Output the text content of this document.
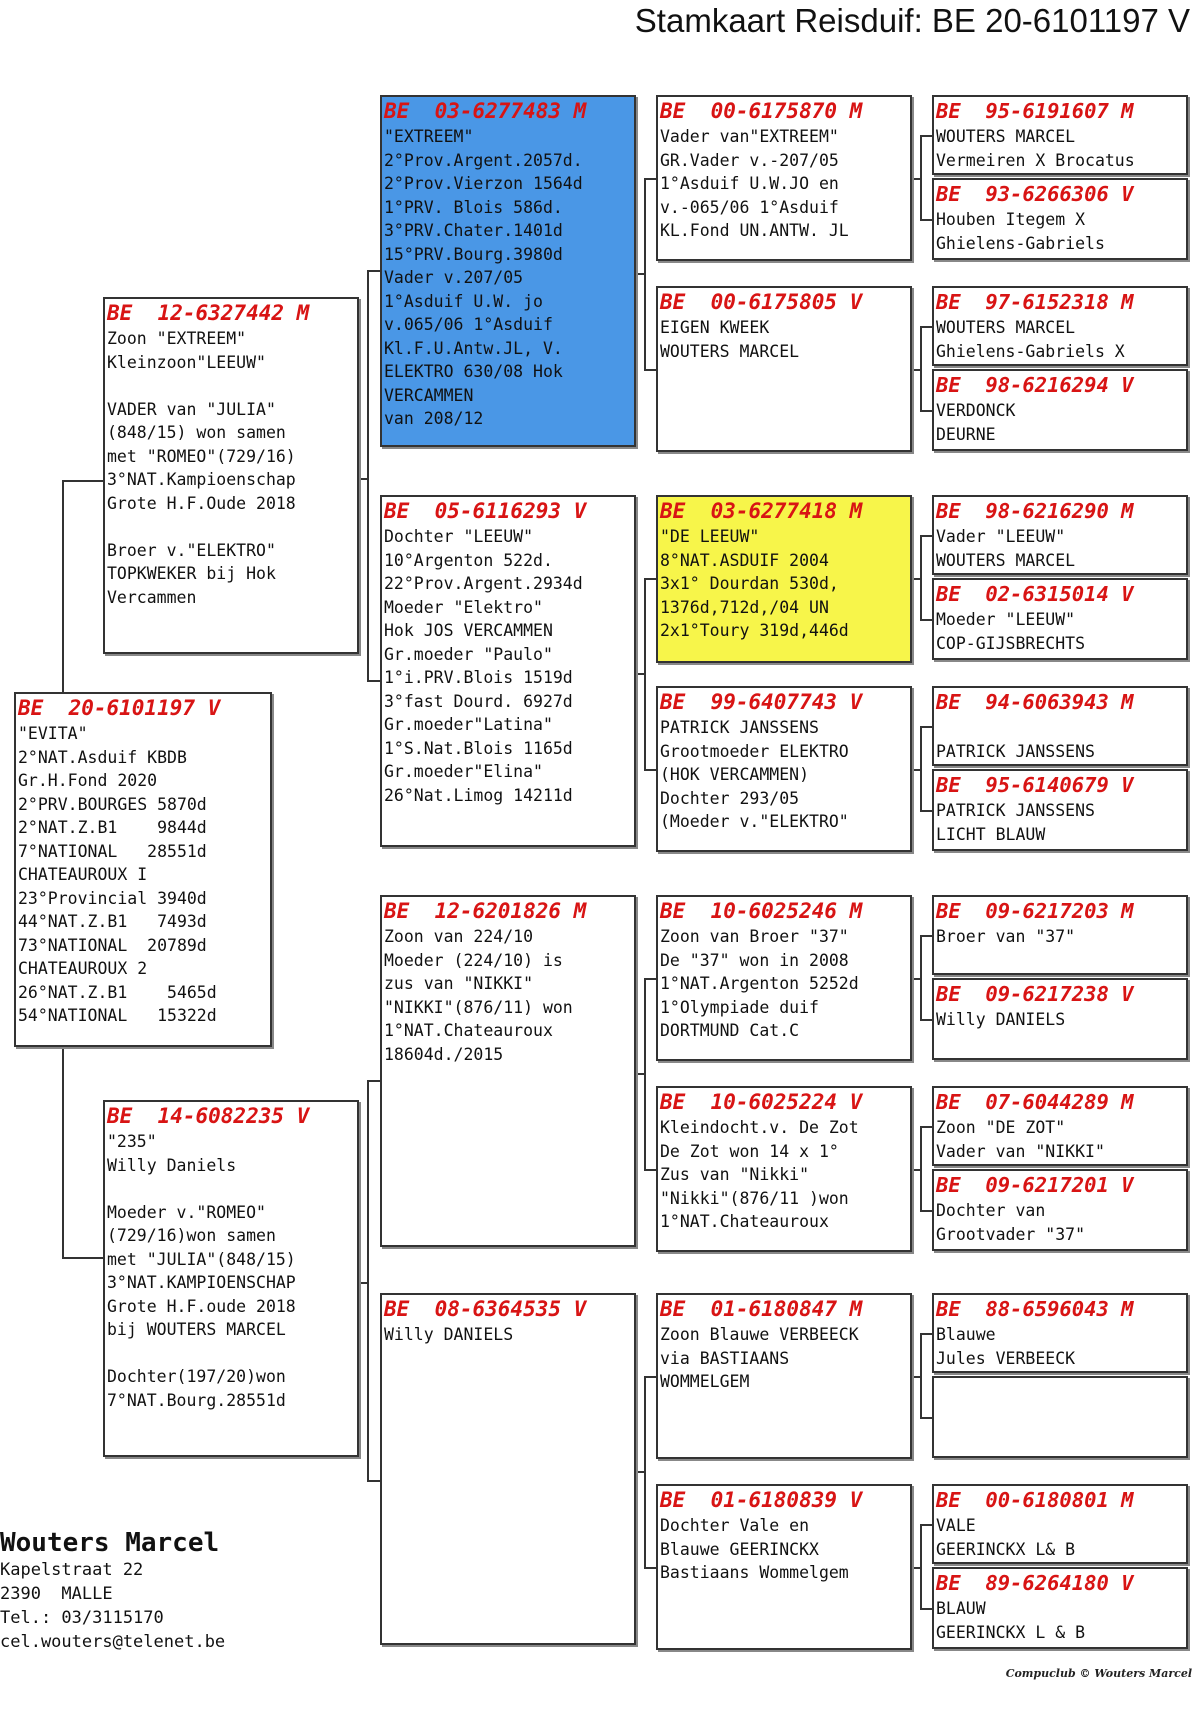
Stamkaart Reisduif: BE 20-6101197 V
BE  20-6101197 V
"EVITA"
2°NAT.Asduif KBDB
Gr.H.Fond 2020
2°PRV.BOURGES 5870d
2°NAT.Z.B1    9844d
7°NATIONAL   28551d
CHATEAUROUX I
23°Provincial 3940d
44°NAT.Z.B1   7493d
73°NATIONAL  20789d
CHATEAUROUX 2
26°NAT.Z.B1    5465d
54°NATIONAL   15322d
BE  12-6327442 M
Zoon "EXTREEM"
Kleinzoon"LEEUW"

VADER van "JULIA"
(848/15) won samen
met "ROMEO"(729/16)
3°NAT.Kampioenschap
Grote H.F.Oude 2018

Broer v."ELEKTRO"
TOPKWEKER bij Hok
Vercammen
BE  14-6082235 V
"235"
Willy Daniels

Moeder v."ROMEO"
(729/16)won samen
met "JULIA"(848/15)
3°NAT.KAMPIOENSCHAP
Grote H.F.oude 2018
bij WOUTERS MARCEL

Dochter(197/20)won
7°NAT.Bourg.28551d
BE  03-6277483 M
"EXTREEM"
2°Prov.Argent.2057d.
2°Prov.Vierzon 1564d
1°PRV. Blois 586d.
3°PRV.Chater.1401d
15°PRV.Bourg.3980d
Vader v.207/05
1°Asduif U.W. jo
v.065/06 1°Asduif
Kl.F.U.Antw.JL, V.
ELEKTRO 630/08 Hok
VERCAMMEN
van 208/12
BE  05-6116293 V
Dochter "LEEUW"
10°Argenton 522d.
22°Prov.Argent.2934d
Moeder "Elektro"
Hok JOS VERCAMMEN
Gr.moeder "Paulo"
1°i.PRV.Blois 1519d
3°fast Dourd. 6927d
Gr.moeder"Latina"
1°S.Nat.Blois 1165d
Gr.moeder"Elina"
26°Nat.Limog 14211d
BE  12-6201826 M
Zoon van 224/10
Moeder (224/10) is
zus van "NIKKI"
"NIKKI"(876/11) won
1°NAT.Chateauroux
18604d./2015
BE  08-6364535 V
Willy DANIELS
BE  00-6175870 M
Vader van"EXTREEM"
GR.Vader v.-207/05
1°Asduif U.W.JO en
v.-065/06 1°Asduif
KL.Fond UN.ANTW. JL
BE  00-6175805 V
EIGEN KWEEK
WOUTERS MARCEL
BE  03-6277418 M
"DE LEEUW"
8°NAT.ASDUIF 2004
3x1° Dourdan 530d,
1376d,712d,/04 UN
2x1°Toury 319d,446d
BE  99-6407743 V
PATRICK JANSSENS
Grootmoeder ELEKTRO
(HOK VERCAMMEN)
Dochter 293/05
(Moeder v."ELEKTRO"
BE  10-6025246 M
Zoon van Broer "37"
De "37" won in 2008
1°NAT.Argenton 5252d
1°Olympiade duif
DORTMUND Cat.C
BE  10-6025224 V
Kleindocht.v. De Zot
De Zot won 14 x 1°
Zus van "Nikki"
"Nikki"(876/11 )won
1°NAT.Chateauroux
BE  01-6180847 M
Zoon Blauwe VERBEECK
via BASTIAANS
WOMMELGEM
BE  01-6180839 V
Dochter Vale en
Blauwe GEERINCKX
Bastiaans Wommelgem
BE  95-6191607 M
WOUTERS MARCEL
Vermeiren X Brocatus
BE  93-6266306 V
Houben Itegem X
Ghielens-Gabriels
BE  97-6152318 M
WOUTERS MARCEL
Ghielens-Gabriels X
BE  98-6216294 V
VERDONCK
DEURNE
BE  98-6216290 M
Vader "LEEUW"
WOUTERS MARCEL
BE  02-6315014 V
Moeder "LEEUW"
COP-GIJSBRECHTS
BE  94-6063943 M

PATRICK JANSSENS
BE  95-6140679 V
PATRICK JANSSENS
LICHT BLAUW
BE  09-6217203 M
Broer van "37"
BE  09-6217238 V
Willy DANIELS
BE  07-6044289 M
Zoon "DE ZOT"
Vader van "NIKKI"
BE  09-6217201 V
Dochter van
Grootvader "37"
BE  88-6596043 M
Blauwe
Jules VERBEECK
BE  00-6180801 M
VALE
GEERINCKX L& B
BE  89-6264180 V
BLAUW
GEERINCKX L & B
Wouters Marcel
Kapelstraat 22
2390  MALLE
Tel.: 03/3115170
cel.wouters@telenet.be
Compuclub © Wouters Marcel
